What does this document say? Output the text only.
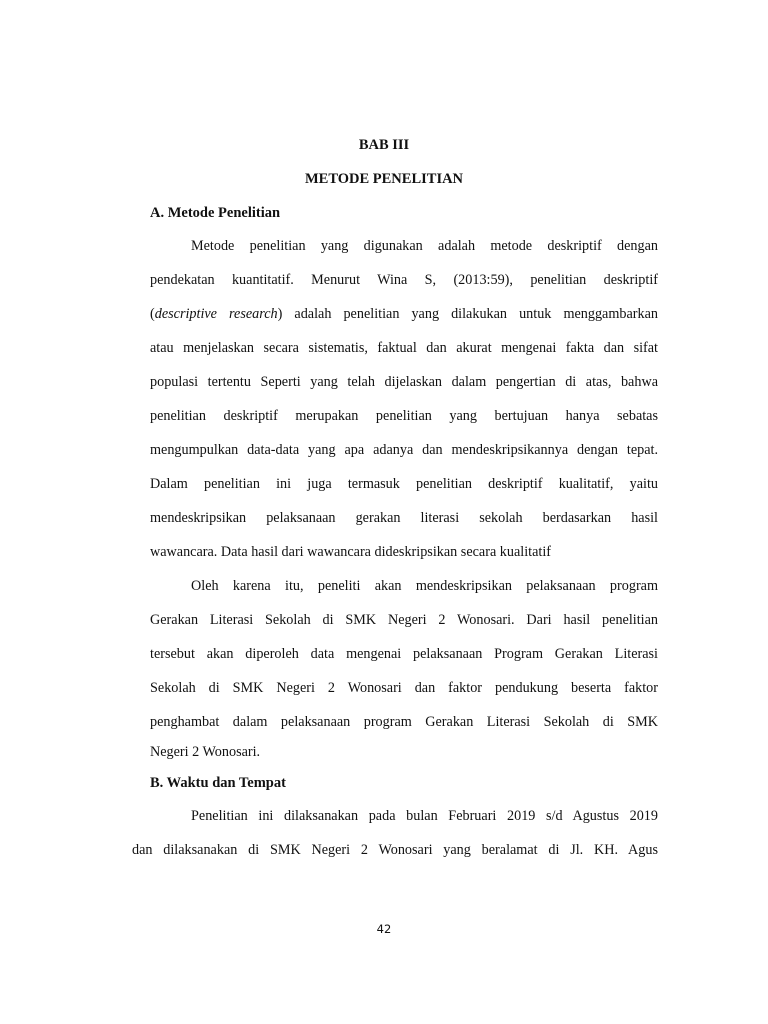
BAB III
METODE PENELITIAN
A. Metode Penelitian
Metode penelitian yang digunakan adalah metode deskriptif dengan
pendekatan kuantitatif. Menurut Wina S, (2013:59), penelitian deskriptif
(descriptive research) adalah penelitian yang dilakukan untuk menggambarkan
atau menjelaskan secara sistematis, faktual dan akurat mengenai fakta dan sifat
populasi tertentu Seperti yang telah dijelaskan dalam pengertian di atas, bahwa
penelitian deskriptif merupakan penelitian yang bertujuan hanya sebatas
mengumpulkan data-data yang apa adanya dan mendeskripsikannya dengan tepat.
Dalam penelitian ini juga termasuk penelitian deskriptif kualitatif, yaitu
mendeskripsikan pelaksanaan gerakan literasi sekolah berdasarkan hasil
wawancara. Data hasil dari wawancara dideskripsikan secara kualitatif
Oleh karena itu, peneliti akan mendeskripsikan pelaksanaan program
Gerakan Literasi Sekolah di SMK Negeri 2 Wonosari. Dari hasil penelitian
tersebut akan diperoleh data mengenai pelaksanaan Program Gerakan Literasi
Sekolah di SMK Negeri 2 Wonosari dan faktor pendukung beserta faktor
penghambat dalam pelaksanaan program Gerakan Literasi Sekolah di SMK
Negeri 2 Wonosari.
B. Waktu dan Tempat
Penelitian ini dilaksanakan pada bulan Februari 2019 s/d Agustus 2019
dan dilaksanakan di SMK Negeri 2 Wonosari yang beralamat di Jl. KH. Agus
42
